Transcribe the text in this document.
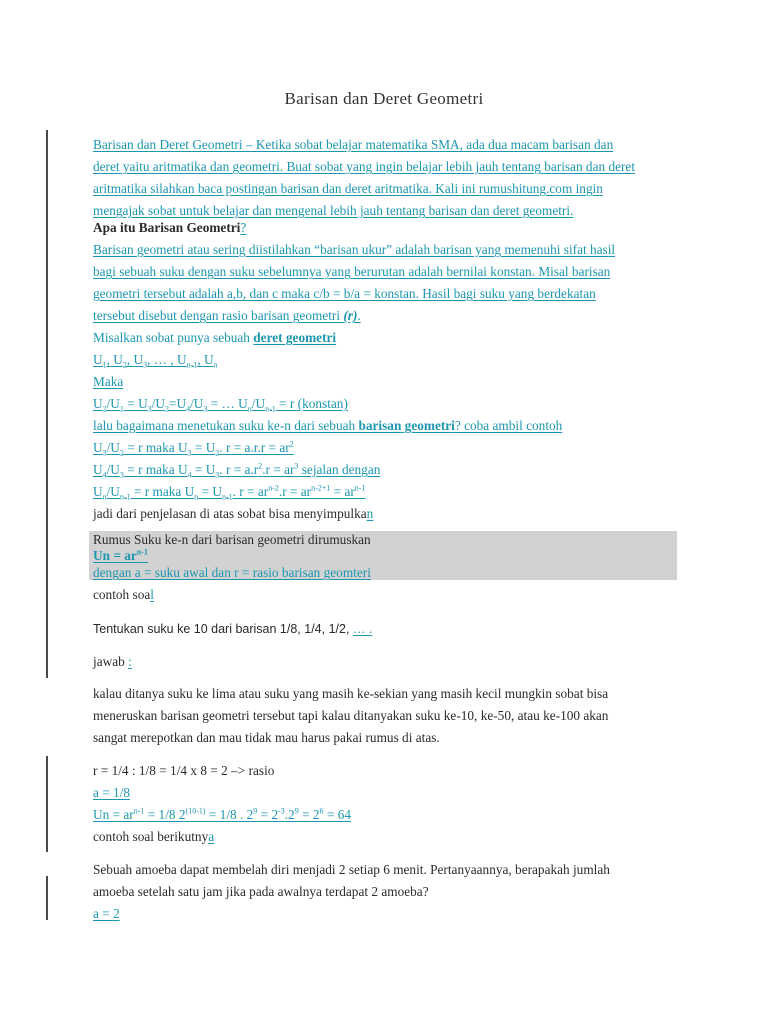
Barisan dan Deret Geometri
Barisan dan Deret Geometri – Ketika sobat belajar matematika SMA, ada dua macam barisan dan
deret yaitu aritmatika dan geometri. Buat sobat yang ingin belajar lebih jauh tentang barisan dan deret
aritmatika silahkan baca postingan barisan dan deret aritmatika. Kali ini rumushitung.com ingin
mengajak sobat untuk belajar dan mengenal lebih jauh tentang barisan dan deret geometri.
Apa itu Barisan Geometri?
Barisan geometri atau sering diistilahkan “barisan ukur” adalah barisan yang memenuhi sifat hasil
bagi sebuah suku dengan suku sebelumnya yang berurutan adalah bernilai konstan. Misal barisan
geometri tersebut adalah a,b, dan c maka c/b = b/a = konstan. Hasil bagi suku yang berdekatan
tersebut disebut dengan rasio barisan geometri (r).
Misalkan sobat punya sebuah deret geometri
$U_1$, $U_2$, $U_3$, … , $U_{n-1}$, $U_n$
Maka
$U_2/U_1 = U_3/U_2=U_4/U_3$ = … $U_n/U_{n-1} = r$ (konstan)
lalu bagaimana menetukan suku ke-n dari sebuah barisan geometri? coba ambil contoh
$U_3/U_2 = r$ maka $U_3 = U_2$. $r = a.r.r = ar^2$
$U_4/U_3 = r$ maka $U_4 = U_3$. $r = a.r^2.r = ar^3$ sejalan dengan
$U_n/U_{n-1} = r$ maka $U_n = U_{n-1}$. $r = ar^{n-2}.r = ar^{n-2+1} = ar^{n-1}$
jadi dari penjelasan di atas sobat bisa menyimpulkan
Rumus Suku ke-n dari barisan geometri dirumuskan
$Un = ar^{n-1}$
dengan a = suku awal dan r = rasio barisan geomteri
contoh soal
Tentukan suku ke 10 dari barisan 1/8, 1/4, 1/2, … .
jawab :
kalau ditanya suku ke lima atau suku yang masih ke-sekian yang masih kecil mungkin sobat bisa
meneruskan barisan geometri tersebut tapi kalau ditanyakan suku ke-10, ke-50, atau ke-100 akan
sangat merepotkan dan mau tidak mau harus pakai rumus di atas.
r = 1/4 : 1/8 = 1/4 x 8 = 2 –> rasio
a = 1/8
$Un = ar^{n-1} = 1/8$ $2^{(10-1)} = 1/8$ . $2^9 = 2^{-3}.2^9 = 2^6 = 64$
contoh soal berikutnya
Sebuah amoeba dapat membelah diri menjadi 2 setiap 6 menit. Pertanyaannya, berapakah jumlah
amoeba setelah satu jam jika pada awalnya terdapat 2 amoeba?
a = 2
